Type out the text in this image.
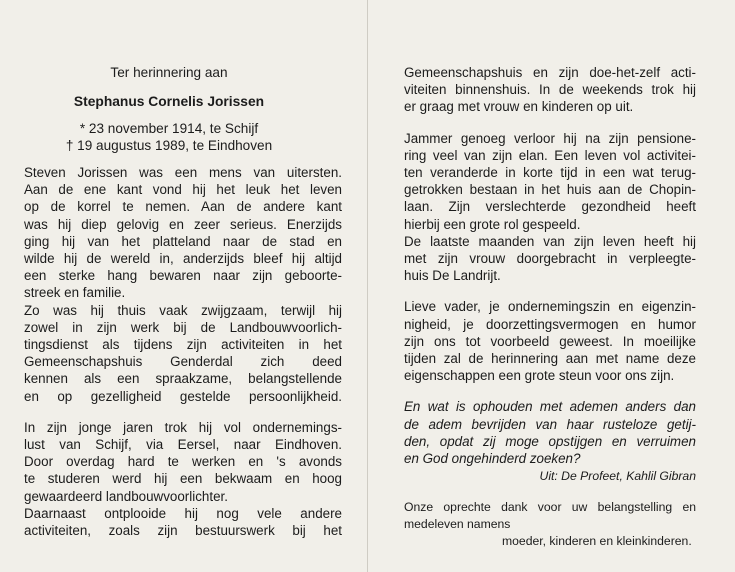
Ter herinnering aan
Stephanus Cornelis Jorissen
* 23 november 1914, te Schijf
† 19 augustus 1989, te Eindhoven
Steven Jorissen was een mens van uitersten.
Aan de ene kant vond hij het leuk het leven
op de korrel te nemen. Aan de andere kant
was hij diep gelovig en zeer serieus. Enerzijds
ging hij van het platteland naar de stad en
wilde hij de wereld in, anderzijds bleef hij altijd
een sterke hang bewaren naar zijn geboorte-
streek en familie.
Zo was hij thuis vaak zwijgzaam, terwijl hij
zowel in zijn werk bij de Landbouwvoorlich-
tingsdienst als tijdens zijn activiteiten in het
Gemeenschapshuis Genderdal zich deed
kennen als een spraakzame, belangstellende
en op gezelligheid gestelde persoonlijkheid.
In zijn jonge jaren trok hij vol ondernemings-
lust van Schijf, via Eersel, naar Eindhoven.
Door overdag hard te werken en 's avonds
te studeren werd hij een bekwaam en hoog
gewaardeerd landbouwvoorlichter.
Daarnaast ontplooide hij nog vele andere
activiteiten, zoals zijn bestuurswerk bij het
Gemeenschapshuis en zijn doe-het-zelf acti-
viteiten binnenshuis. In de weekends trok hij
er graag met vrouw en kinderen op uit.
Jammer genoeg verloor hij na zijn pensione-
ring veel van zijn elan. Een leven vol activitei-
ten veranderde in korte tijd in een wat terug-
getrokken bestaan in het huis aan de Chopin-
laan. Zijn verslechterde gezondheid heeft
hierbij een grote rol gespeeld.
De laatste maanden van zijn leven heeft hij
met zijn vrouw doorgebracht in verpleegte-
huis De Landrijt.
Lieve vader, je ondernemingszin en eigenzin-
nigheid, je doorzettingsvermogen en humor
zijn ons tot voorbeeld geweest. In moeilijke
tijden zal de herinnering aan met name deze
eigenschappen een grote steun voor ons zijn.
En wat is ophouden met ademen anders dan
de adem bevrijden van haar rusteloze getij-
den, opdat zij moge opstijgen en verruimen
en God ongehinderd zoeken?
Uit: De Profeet, Kahlil Gibran
Onze oprechte dank voor uw belangstelling en
medeleven namens
moeder, kinderen en kleinkinderen.
